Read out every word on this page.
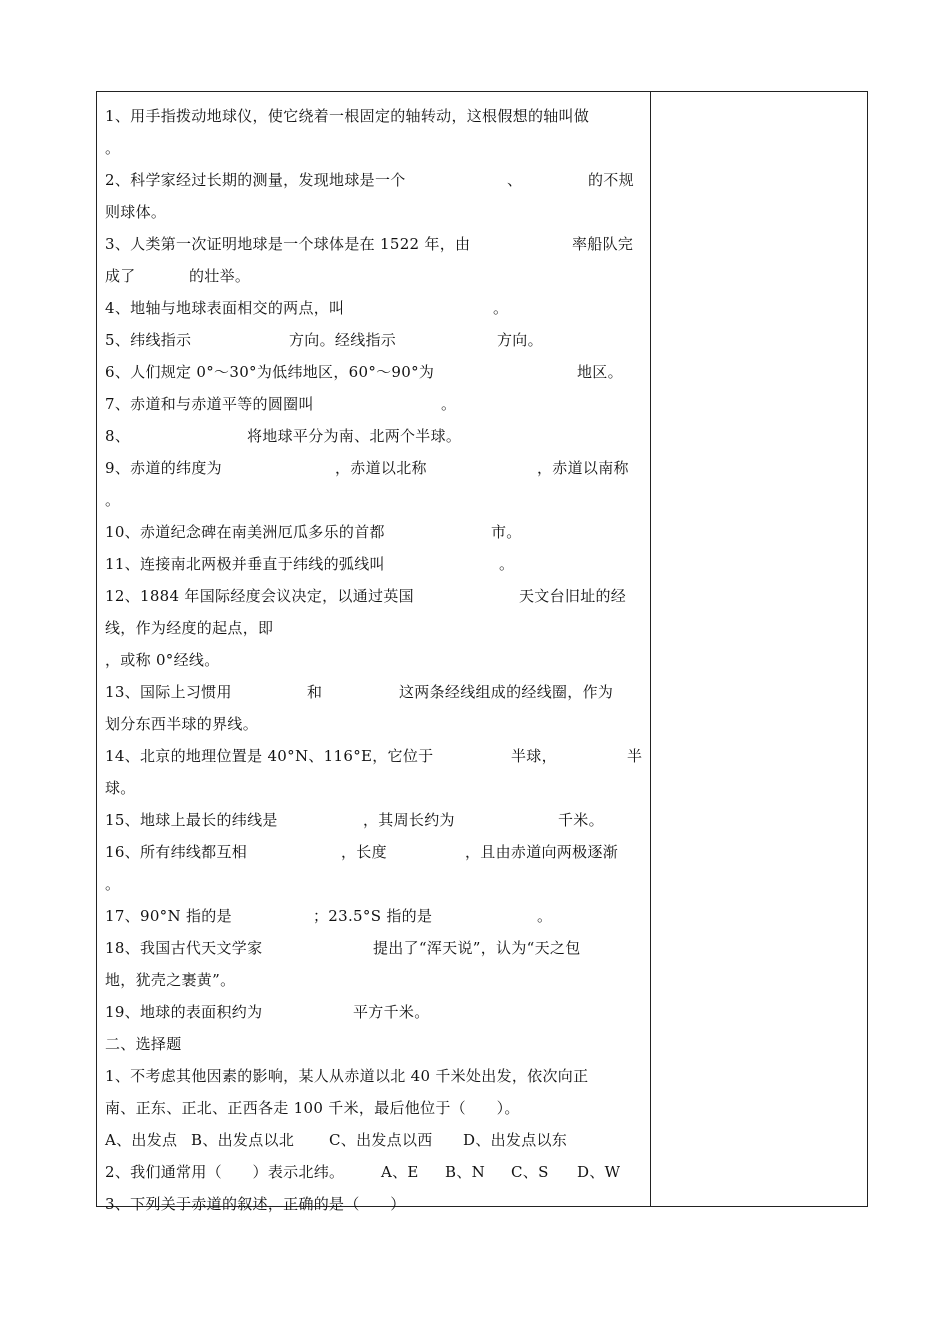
1、用手指拨动地球仪，使它绕着一根固定的轴转动，这根假想的轴叫做
。
2、科学家经过长期的测量，发现地球是一个	、	的不规
则球体。
3、人类第一次证明地球是一个球体是在 1522 年，由	率船队完
成了	的壮举。
4、地轴与地球表面相交的两点，叫	。
5、纬线指示	方向。经线指示	方向。
6、人们规定 0°～30°为低纬地区，60°～90°为	地区。
7、赤道和与赤道平等的圆圈叫	。
8、	将地球平分为南、北两个半球。
9、赤道的纬度为	，赤道以北称	，赤道以南称
。
10、赤道纪念碑在南美洲厄瓜多乐的首都	市。
11、连接南北两极并垂直于纬线的弧线叫	。
12、1884 年国际经度会议决定，以通过英国	天文台旧址的经
线，作为经度的起点，即
，或称 0°经线。
13、国际上习惯用	和	这两条经线组成的经线圈，作为
划分东西半球的界线。
14、北京的地理位置是 40°N、116°E，它位于	半球，	半
球。
15、地球上最长的纬线是	，其周长约为	千米。
16、所有纬线都互相	，长度	，且由赤道向两极逐渐
。
17、90°N 指的是	；23.5°S 指的是	。
18、我国古代天文学家	提出了“浑天说”，认为“天之包
地，犹壳之裹黄”。
19、地球的表面积约为	平方千米。
二、选择题
1、不考虑其他因素的影响，某人从赤道以北 40 千米处出发，依次向正
南、正东、正北、正西各走 100 千米，最后他位于（　　）。
A、出发点 B、出发点以北 C、出发点以西 D、出发点以东
2、我们通常用（　　）表示北纬。 A、E B、N C、S D、W
3、下列关于赤道的叙述，正确的是（　　）
